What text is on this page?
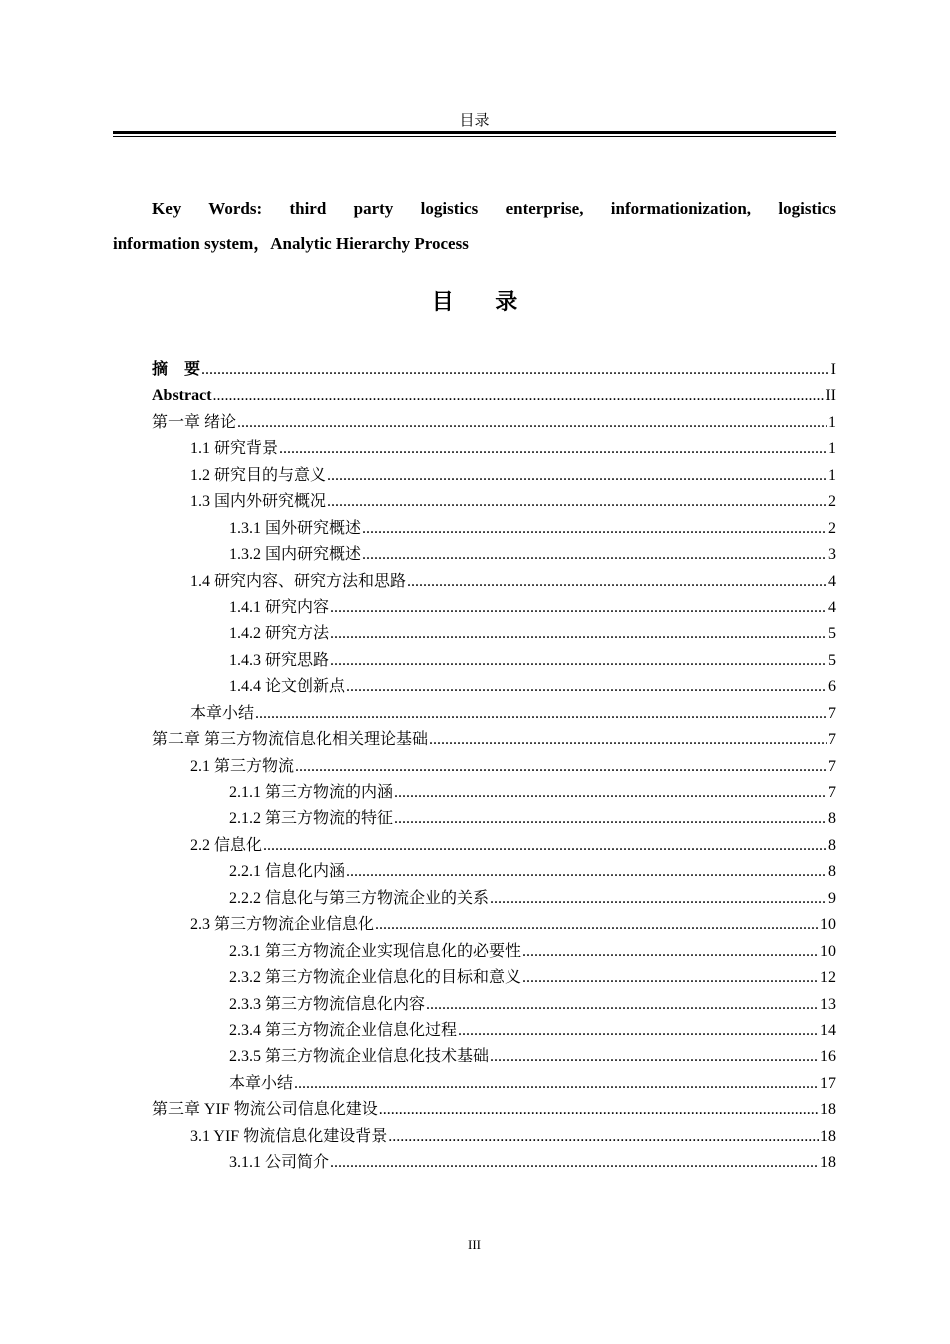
目录
Key Words: third party logistics enterprise, informationization, logistics
information system，Analytic Hierarchy Process
目 录
摘　要 .....	I
Abstract .....	II
第一章 绪论 .....	1
1.1 研究背景 .....	1
1.2 研究目的与意义 .....	1
1.3 国内外研究概况 .....	2
1.3.1 国外研究概述 .....	2
1.3.2 国内研究概述 .....	3
1.4 研究内容、研究方法和思路 .....	4
1.4.1 研究内容 .....	4
1.4.2 研究方法 .....	5
1.4.3 研究思路 .....	5
1.4.4 论文创新点 .....	6
本章小结 .....	7
第二章 第三方物流信息化相关理论基础 .....	7
2.1 第三方物流 .....	7
2.1.1 第三方物流的内涵 .....	7
2.1.2 第三方物流的特征 .....	8
2.2 信息化 .....	8
2.2.1 信息化内涵 .....	8
2.2.2 信息化与第三方物流企业的关系 .....	9
2.3 第三方物流企业信息化 .....	10
2.3.1 第三方物流企业实现信息化的必要性 .....	10
2.3.2 第三方物流企业信息化的目标和意义 .....	12
2.3.3 第三方物流信息化内容 .....	13
2.3.4 第三方物流企业信息化过程 .....	14
2.3.5 第三方物流企业信息化技术基础 .....	16
本章小结 .....	17
第三章 YIF 物流公司信息化建设 .....	18
3.1 YIF 物流信息化建设背景 .....	18
3.1.1 公司简介 .....	18
III
